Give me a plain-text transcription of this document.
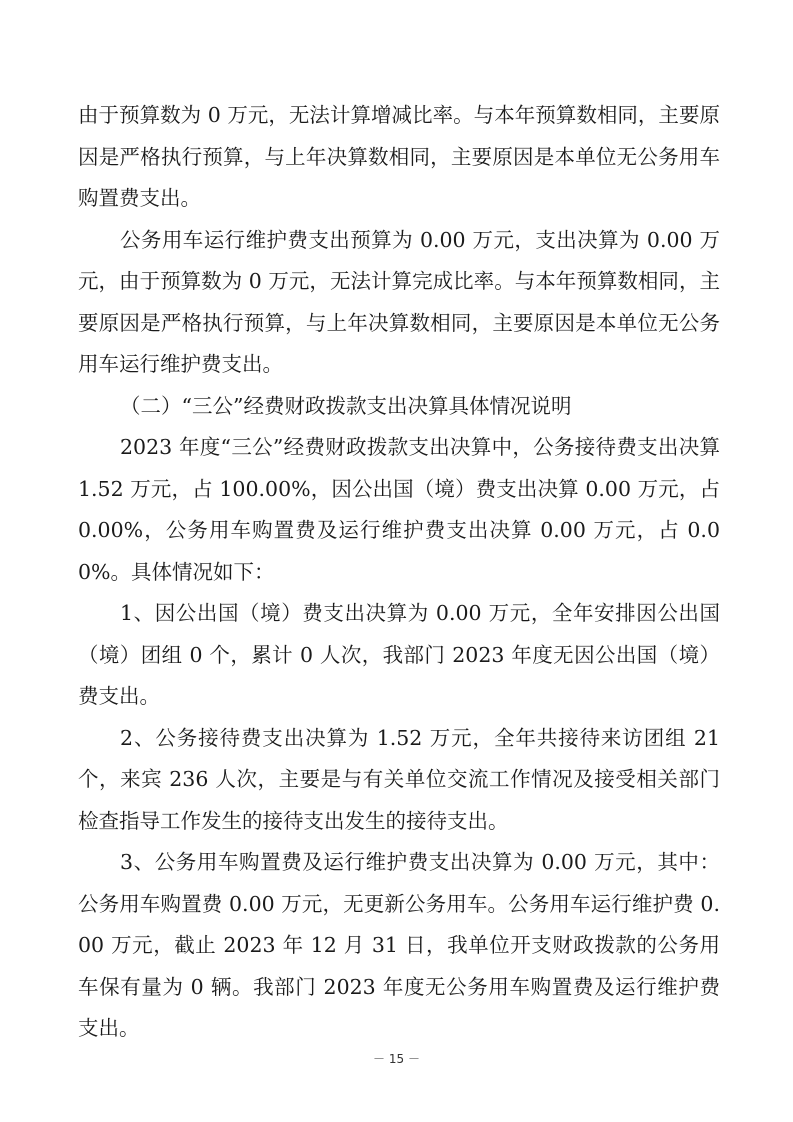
由于预算数为 0 万元，无法计算增减比率。与本年预算数相同，主要原因是严格执行预算，与上年决算数相同，主要原因是本单位无公务用车购置费支出。

公务用车运行维护费支出预算为 0.00 万元，支出决算为 0.00 万元，由于预算数为 0 万元，无法计算完成比率。与本年预算数相同，主要原因是严格执行预算，与上年决算数相同，主要原因是本单位无公务用车运行维护费支出。

（二）“三公”经费财政拨款支出决算具体情况说明

2023 年度“三公”经费财政拨款支出决算中，公务接待费支出决算 1.52 万元，占 100.00%，因公出国（境）费支出决算 0.00 万元，占 0.00%，公务用车购置费及运行维护费支出决算 0.00 万元，占 0.00%。具体情况如下：

1、因公出国（境）费支出决算为 0.00 万元，全年安排因公出国（境）团组 0 个，累计 0 人次，我部门 2023 年度无因公出国（境）费支出。

2、公务接待费支出决算为 1.52 万元，全年共接待来访团组 21 个，来宾 236 人次，主要是与有关单位交流工作情况及接受相关部门检查指导工作发生的接待支出发生的接待支出。

3、公务用车购置费及运行维护费支出决算为 0.00 万元，其中：公务用车购置费 0.00 万元，无更新公务用车。公务用车运行维护费 0.00 万元，截止 2023 年 12 月 31 日，我单位开支财政拨款的公务用车保有量为 0 辆。我部门 2023 年度无公务用车购置费及运行维护费支出。

－ 15 －
